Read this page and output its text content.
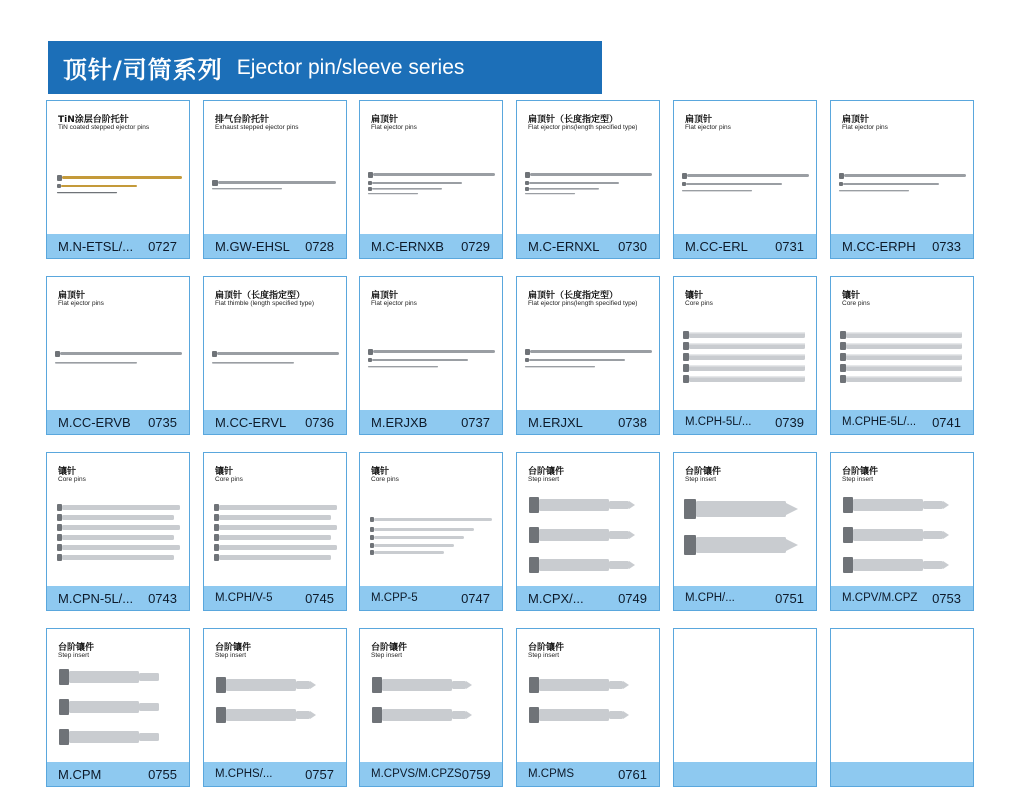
顶针/司筒系列 Ejector pin/sleeve series
TiN涂层台阶托针
TiN coated stepped ejector pins
M.N-ETSL/... 0727
排气台阶托针
Exhaust stepped ejector pins
M.GW-EHSL 0728
扁顶针
Flat ejector pins
M.C-ERNXB 0729
扁顶针（长度指定型）
Flat ejector pins(length specified type)
M.C-ERNXL 0730
扁顶针
Flat ejector pins
M.CC-ERL 0731
扁顶针
Flat ejector pins
M.CC-ERPH 0733
扁顶针
Flat ejector pins
M.CC-ERVB 0735
扁顶针（长度指定型）
Flat thimble (length specified type)
M.CC-ERVL 0736
扁顶针
Flat ejector pins
M.ERJXB	0737
扁顶针（长度指定型）
Flat ejector pins(length specified type)
M.ERJXL	0738
镶针
Core pins
M.CPH-5L/... 0739
镶针
Core pins
M.CPHE-5L/... 0741
镶针
Core pins
M.CPN-5L/... 0743
镶针
Core pins
M.CPH/V-5	0745
镶针
Core pins
M.CPP-5	0747
台阶镶件
Step insert
M.CPX/...	0749
台阶镶件
Step insert
M.CPH/...	0751
台阶镶件
Step insert
M.CPV/M.CPZ 0753
台阶镶件
Step insert
M.CPM	0755
台阶镶件
Step insert
M.CPHS/...	0757
台阶镶件
Step insert
M.CPVS/M.CPZS 0759
台阶镶件
Step insert
M.CPMS	0761
